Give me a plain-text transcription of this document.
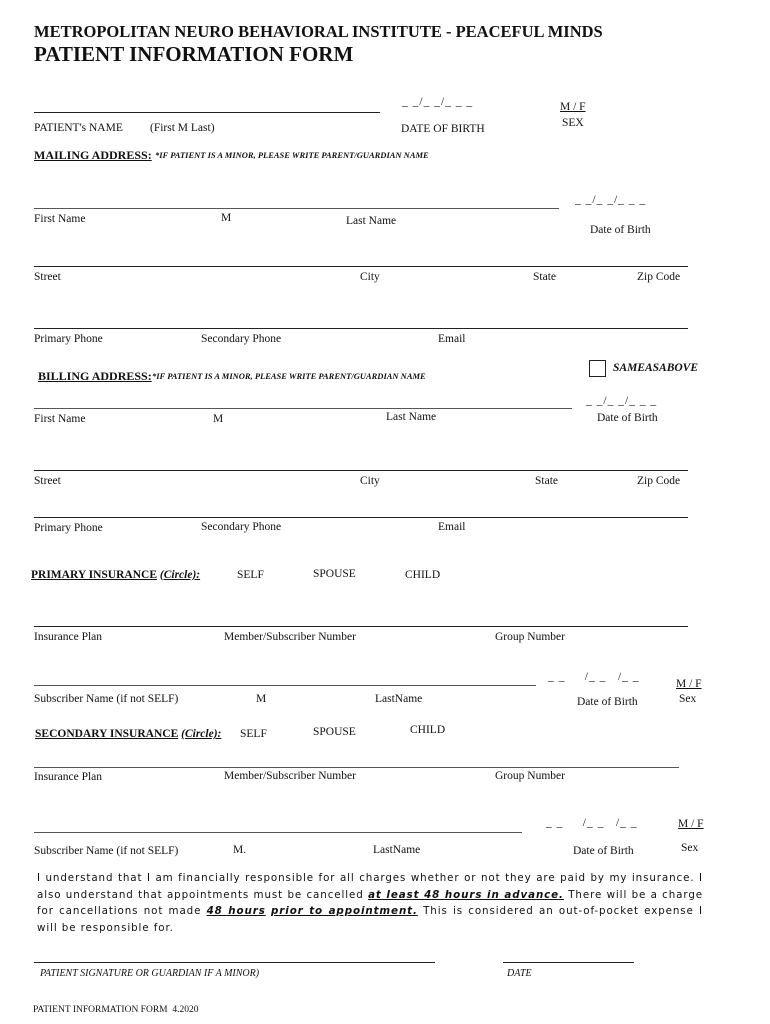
METROPOLITAN NEURO BEHAVIORAL INSTITUTE - PEACEFUL MINDS
PATIENT INFORMATION FORM
_ _/_ _/_ _ _	M / F
PATIENT's NAME (First M Last)	DATE OF BIRTH	SEX
MAILING ADDRESS: *IF PATIENT IS A MINOR, PLEASE WRITE PARENT/GUARDIAN NAME
_ _/_ _/_ _ _
First Name	M	Last Name
Date of Birth
Street	City	State	Zip Code
Primary Phone	Secondary Phone	Email
BILLING ADDRESS: *IF PATIENT IS A MINOR, PLEASE WRITE PARENT/GUARDIAN NAME
SAMEASABOVE
_ _/_ _/_ _ _
First Name	M	Last Name	Date of Birth
Street	City	State	Zip Code
Primary Phone	Secondary Phone	Email
PRIMARY INSURANCE (Circle):	SELF	SPOUSE	CHILD
Insurance Plan	Member/Subscriber Number	Group Number
_ _     /_ _   /_ _
M / F
Subscriber Name (if not SELF)	M	LastName	Date of Birth	Sex
SECONDARY INSURANCE (Circle): SELF	SPOUSE	CHILD
Insurance Plan	Member/Subscriber Number	Group Number
_ _     /_ _   /_ _	M / F
Subscriber Name (if not SELF)	M.	LastName	Date of Birth	Sex
I understand that I am financially responsible for all charges whether or not they are paid by my insurance. I also understand that appointments must be cancelled at least 48 hours in advance. There will be a charge for cancellations not made 48 hours prior to appointment. This is considered an out-of-pocket expense I will be responsible for.
PATIENT SIGNATURE OR GUARDIAN IF A MINOR)	DATE
PATIENT INFORMATION FORM  4.2020
